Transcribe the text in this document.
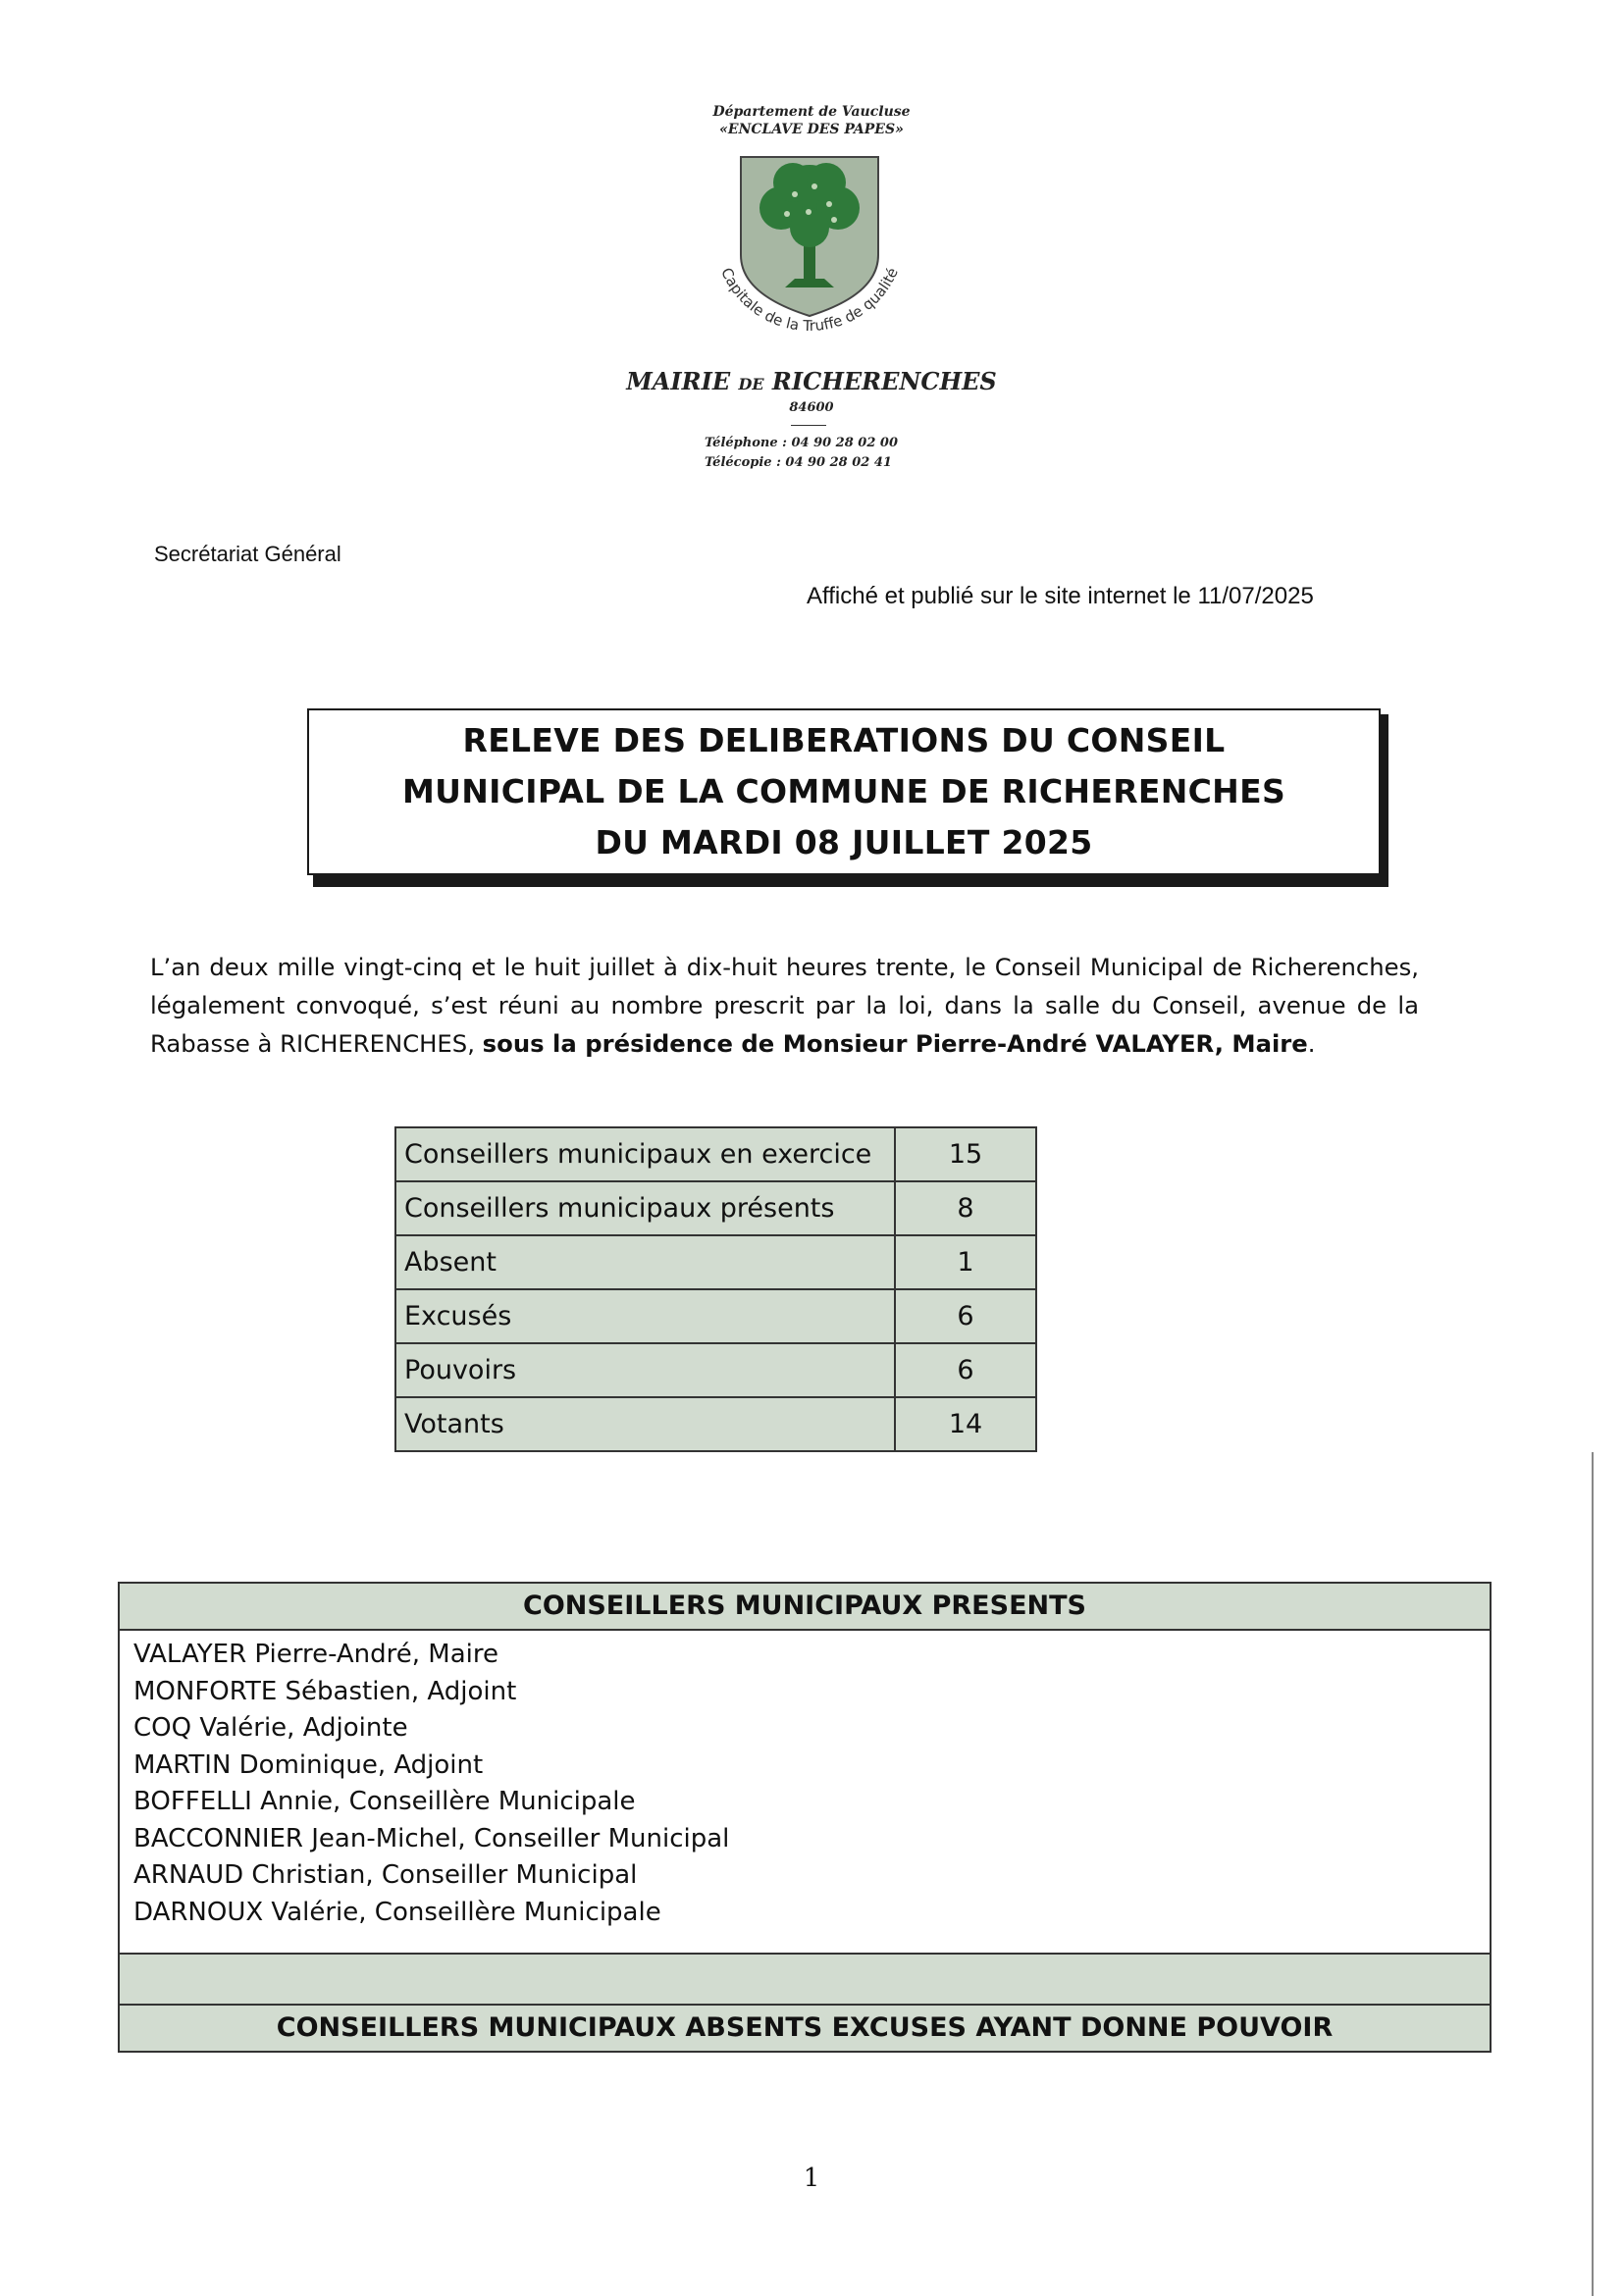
Département de Vaucluse
«ENCLAVE DES PAPES»
Capitale de la Truffe de qualité
MAIRIE DE RICHERENCHES
84600
Téléphone : 04 90 28 02 00
Télécopie : 04 90 28 02 41
Secrétariat Général
Affiché et publié sur le site internet le 11/07/2025
RELEVE DES DELIBERATIONS DU CONSEIL
MUNICIPAL DE LA COMMUNE DE RICHERENCHES
DU MARDI 08 JUILLET 2025
L’an deux mille vingt-cinq et le huit juillet à dix-huit heures trente, le Conseil Municipal de Richerenches, légalement convoqué, s’est réuni au nombre prescrit par la loi, dans la salle du Conseil, avenue de la Rabasse à RICHERENCHES, sous la présidence de Monsieur Pierre-André VALAYER, Maire.
Conseillers municipaux en exercice	15
Conseillers municipaux présents	8
Absent	1
Excusés	6
Pouvoirs	6
Votants	14
CONSEILLERS MUNICIPAUX PRESENTS
VALAYER Pierre-André, Maire
MONFORTE Sébastien, Adjoint
COQ Valérie, Adjointe
MARTIN Dominique, Adjoint
BOFFELLI Annie, Conseillère Municipale
BACCONNIER Jean-Michel, Conseiller Municipal
ARNAUD Christian, Conseiller Municipal
DARNOUX Valérie, Conseillère Municipale
CONSEILLERS MUNICIPAUX ABSENTS EXCUSES AYANT DONNE POUVOIR
1
